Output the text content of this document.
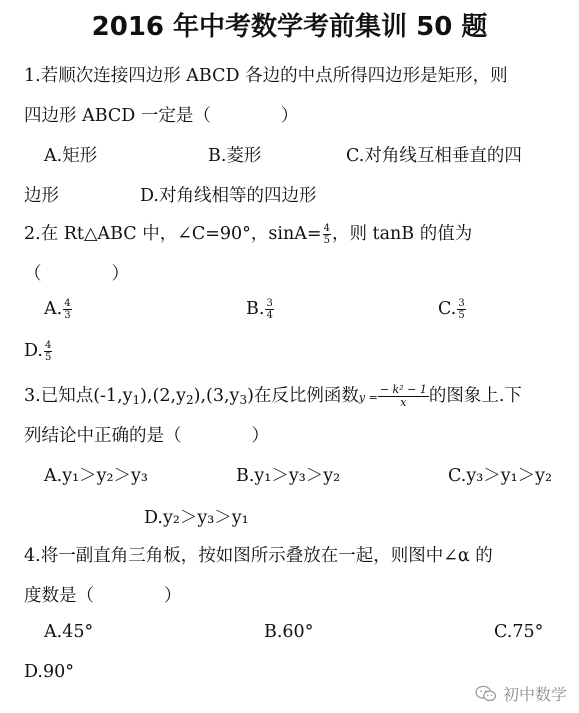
2016 年中考数学考前集训 50 题
1.若顺次连接四边形 ABCD 各边的中点所得四边形是矩形，则
四边形 ABCD 一定是（　　　　）
A.矩形	B.菱形	C.对角线互相垂直的四
边形	D.对角线相等的四边形
2.在 Rt△ABC 中，∠C=90°，$\sin A= \frac{4}{5}$ ，则 tanB 的值为
（　　　　）
A. $\frac{4}{3}$	B. $\frac{3}{4}$	C. $\frac{3}{5}$
D. $\frac{4}{5}$
3.已知点$(-1,y_1),(2,y_2),(3,y_3)$在反比例函数$y = \frac{\text{− k² − 1}}{x}$ 的图象上.下
列结论中正确的是（　　　　）
A.y₁＞y₂＞y₃	B.y₁＞y₃＞y₂	C.y₃＞y₁＞y₂
D.y₂＞y₃＞y₁
4.将一副直角三角板，按如图所示叠放在一起，则图中∠α 的
度数是（　　　　）
A.45°	B.60°	C.75°
D.90°
初中数学
